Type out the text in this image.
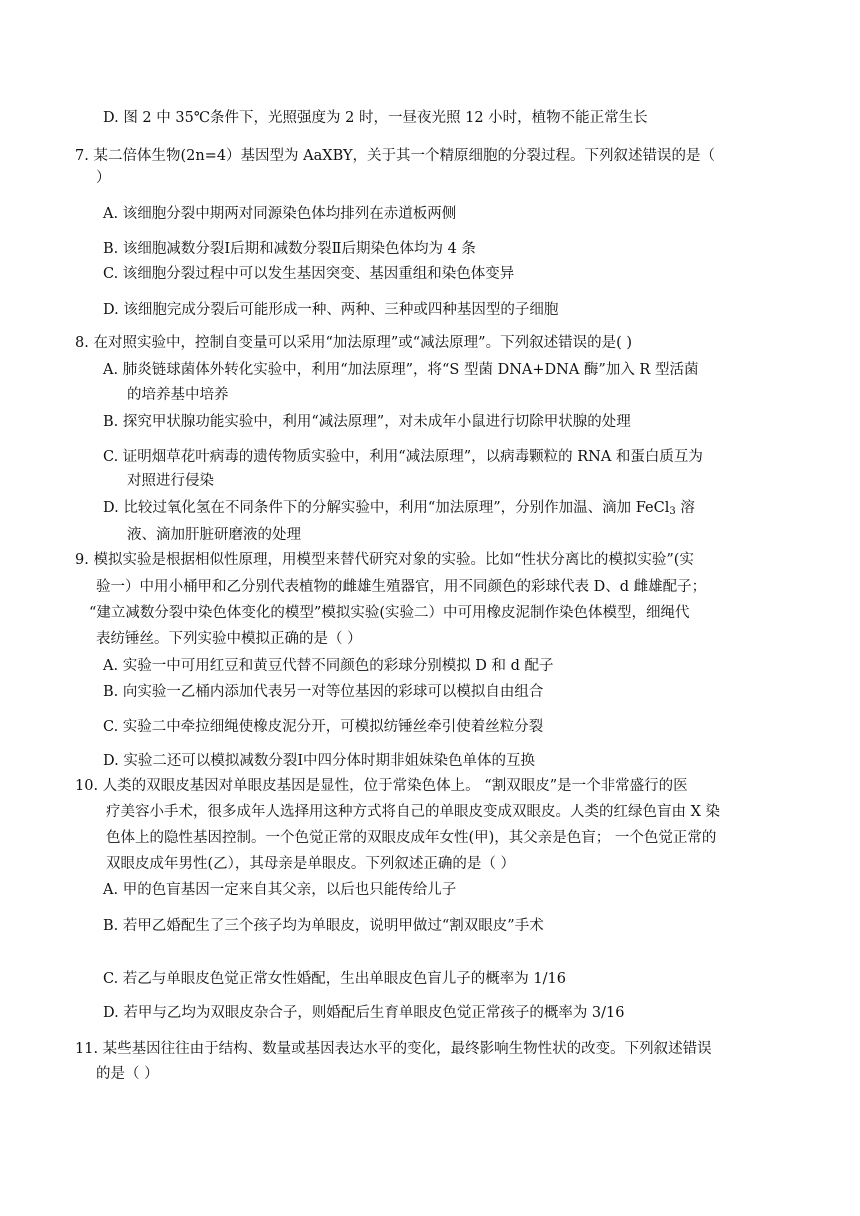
D. 图 2 中 35℃条件下，光照强度为 2 时，一昼夜光照 12 小时，植物不能正常生长
7. 某二倍体生物(2n=4）基因型为 AaXBY，关于其一个精原细胞的分裂过程。下列叙述错误的是（
）
A. 该细胞分裂中期两对同源染色体均排列在赤道板两侧
B. 该细胞减数分裂Ⅰ后期和减数分裂Ⅱ后期染色体均为 4 条
C. 该细胞分裂过程中可以发生基因突变、基因重组和染色体变异
D. 该细胞完成分裂后可能形成一种、两种、三种或四种基因型的子细胞
8. 在对照实验中，控制自变量可以采用“加法原理”或“减法原理”。下列叙述错误的是( )
A. 肺炎链球菌体外转化实验中，利用“加法原理”，将“S 型菌 DNA+DNA 酶”加入 R 型活菌
的培养基中培养
B. 探究甲状腺功能实验中，利用“减法原理”，对未成年小鼠进行切除甲状腺的处理
C. 证明烟草花叶病毒的遗传物质实验中，利用“减法原理”，以病毒颗粒的 RNA 和蛋白质互为
对照进行侵染
D. 比较过氧化氢在不同条件下的分解实验中，利用“加法原理”，分别作加温、滴加 FeCl$_3$ 溶
液、滴加肝脏研磨液的处理
9. 模拟实验是根据相似性原理，用模型来替代研究对象的实验。比如“性状分离比的模拟实验”(实
验一）中用小桶甲和乙分别代表植物的雌雄生殖器官，用不同颜色的彩球代表 D、d 雌雄配子；
“建立减数分裂中染色体变化的模型”模拟实验(实验二）中可用橡皮泥制作染色体模型，细绳代
表纺锤丝。下列实验中模拟正确的是（ ）
A. 实验一中可用红豆和黄豆代替不同颜色的彩球分别模拟 D 和 d 配子
B. 向实验一乙桶内添加代表另一对等位基因的彩球可以模拟自由组合
C. 实验二中牵拉细绳使橡皮泥分开，可模拟纺锤丝牵引使着丝粒分裂
D. 实验二还可以模拟减数分裂Ⅰ中四分体时期非姐妹染色单体的互换
10. 人类的双眼皮基因对单眼皮基因是显性，位于常染色体上。 “割双眼皮”是一个非常盛行的医
疗美容小手术，很多成年人选择用这种方式将自己的单眼皮变成双眼皮。人类的红绿色盲由 X 染
色体上的隐性基因控制。一个色觉正常的双眼皮成年女性(甲)，其父亲是色盲； 一个色觉正常的
双眼皮成年男性(乙），其母亲是单眼皮。下列叙述正确的是（ ）
A. 甲的色盲基因一定来自其父亲，以后也只能传给儿子
B. 若甲乙婚配生了三个孩子均为单眼皮，说明甲做过“割双眼皮”手术
C. 若乙与单眼皮色觉正常女性婚配，生出单眼皮色盲儿子的概率为 1/16
D. 若甲与乙均为双眼皮杂合子，则婚配后生育单眼皮色觉正常孩子的概率为 3/16
11. 某些基因往往由于结构、数量或基因表达水平的变化，最终影响生物性状的改变。下列叙述错误
的是（ ）
